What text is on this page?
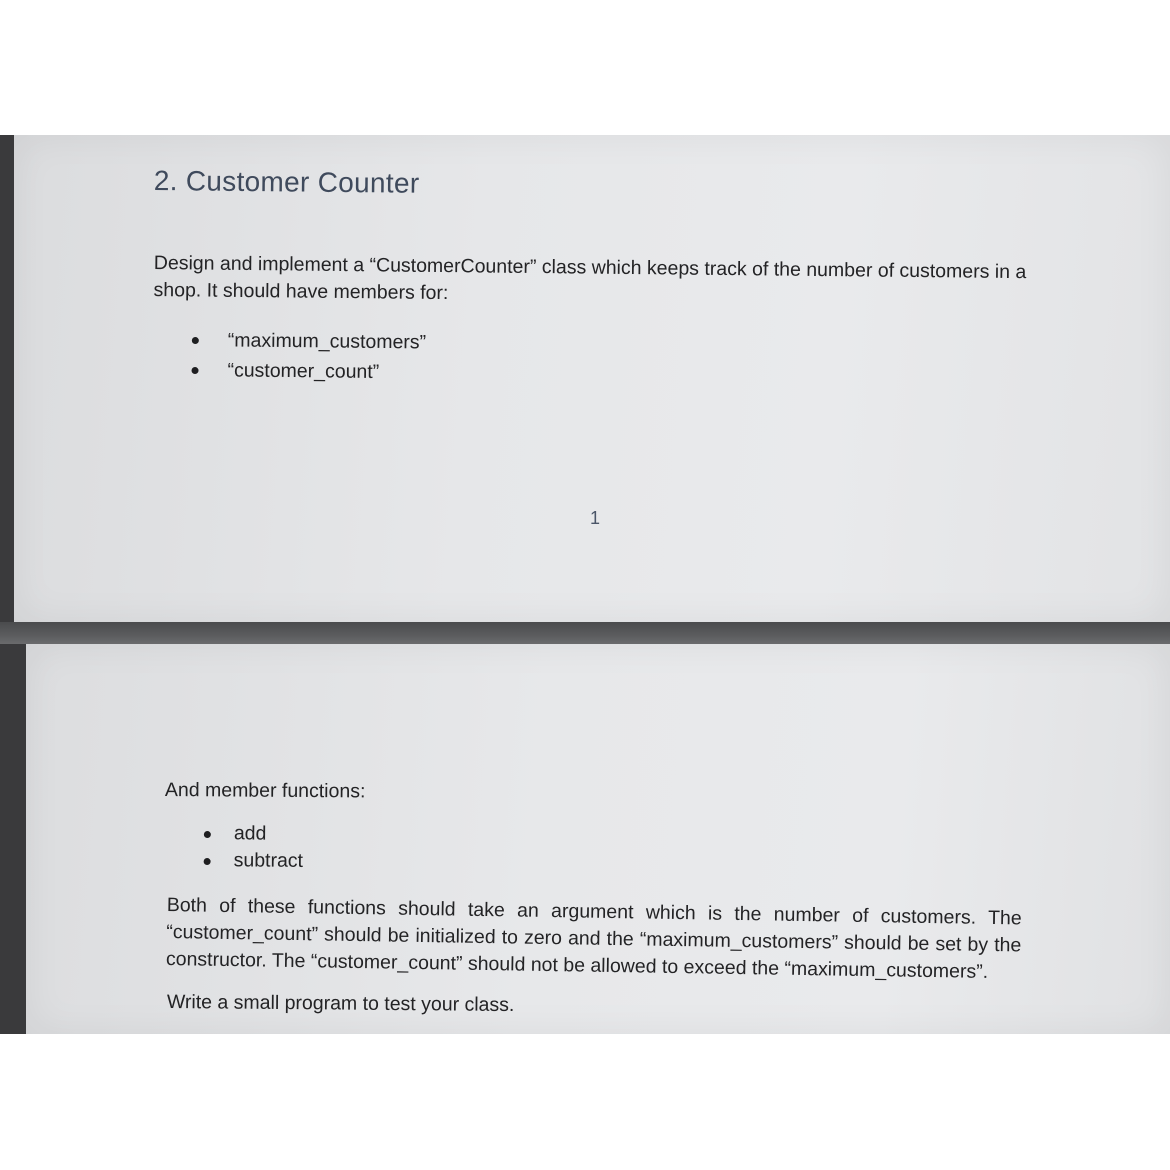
2. Customer Counter

Design and implement a “CustomerCounter” class which keeps track of the number of customers in a shop. It should have members for:

“maximum_customers”
“customer_count”

1

And member functions:

add
subtract

Both of these functions should take an argument which is the number of customers. The “customer_count” should be initialized to zero and the “maximum_customers” should be set by the constructor. The “customer_count” should not be allowed to exceed the “maximum_customers”.

Write a small program to test your class.
